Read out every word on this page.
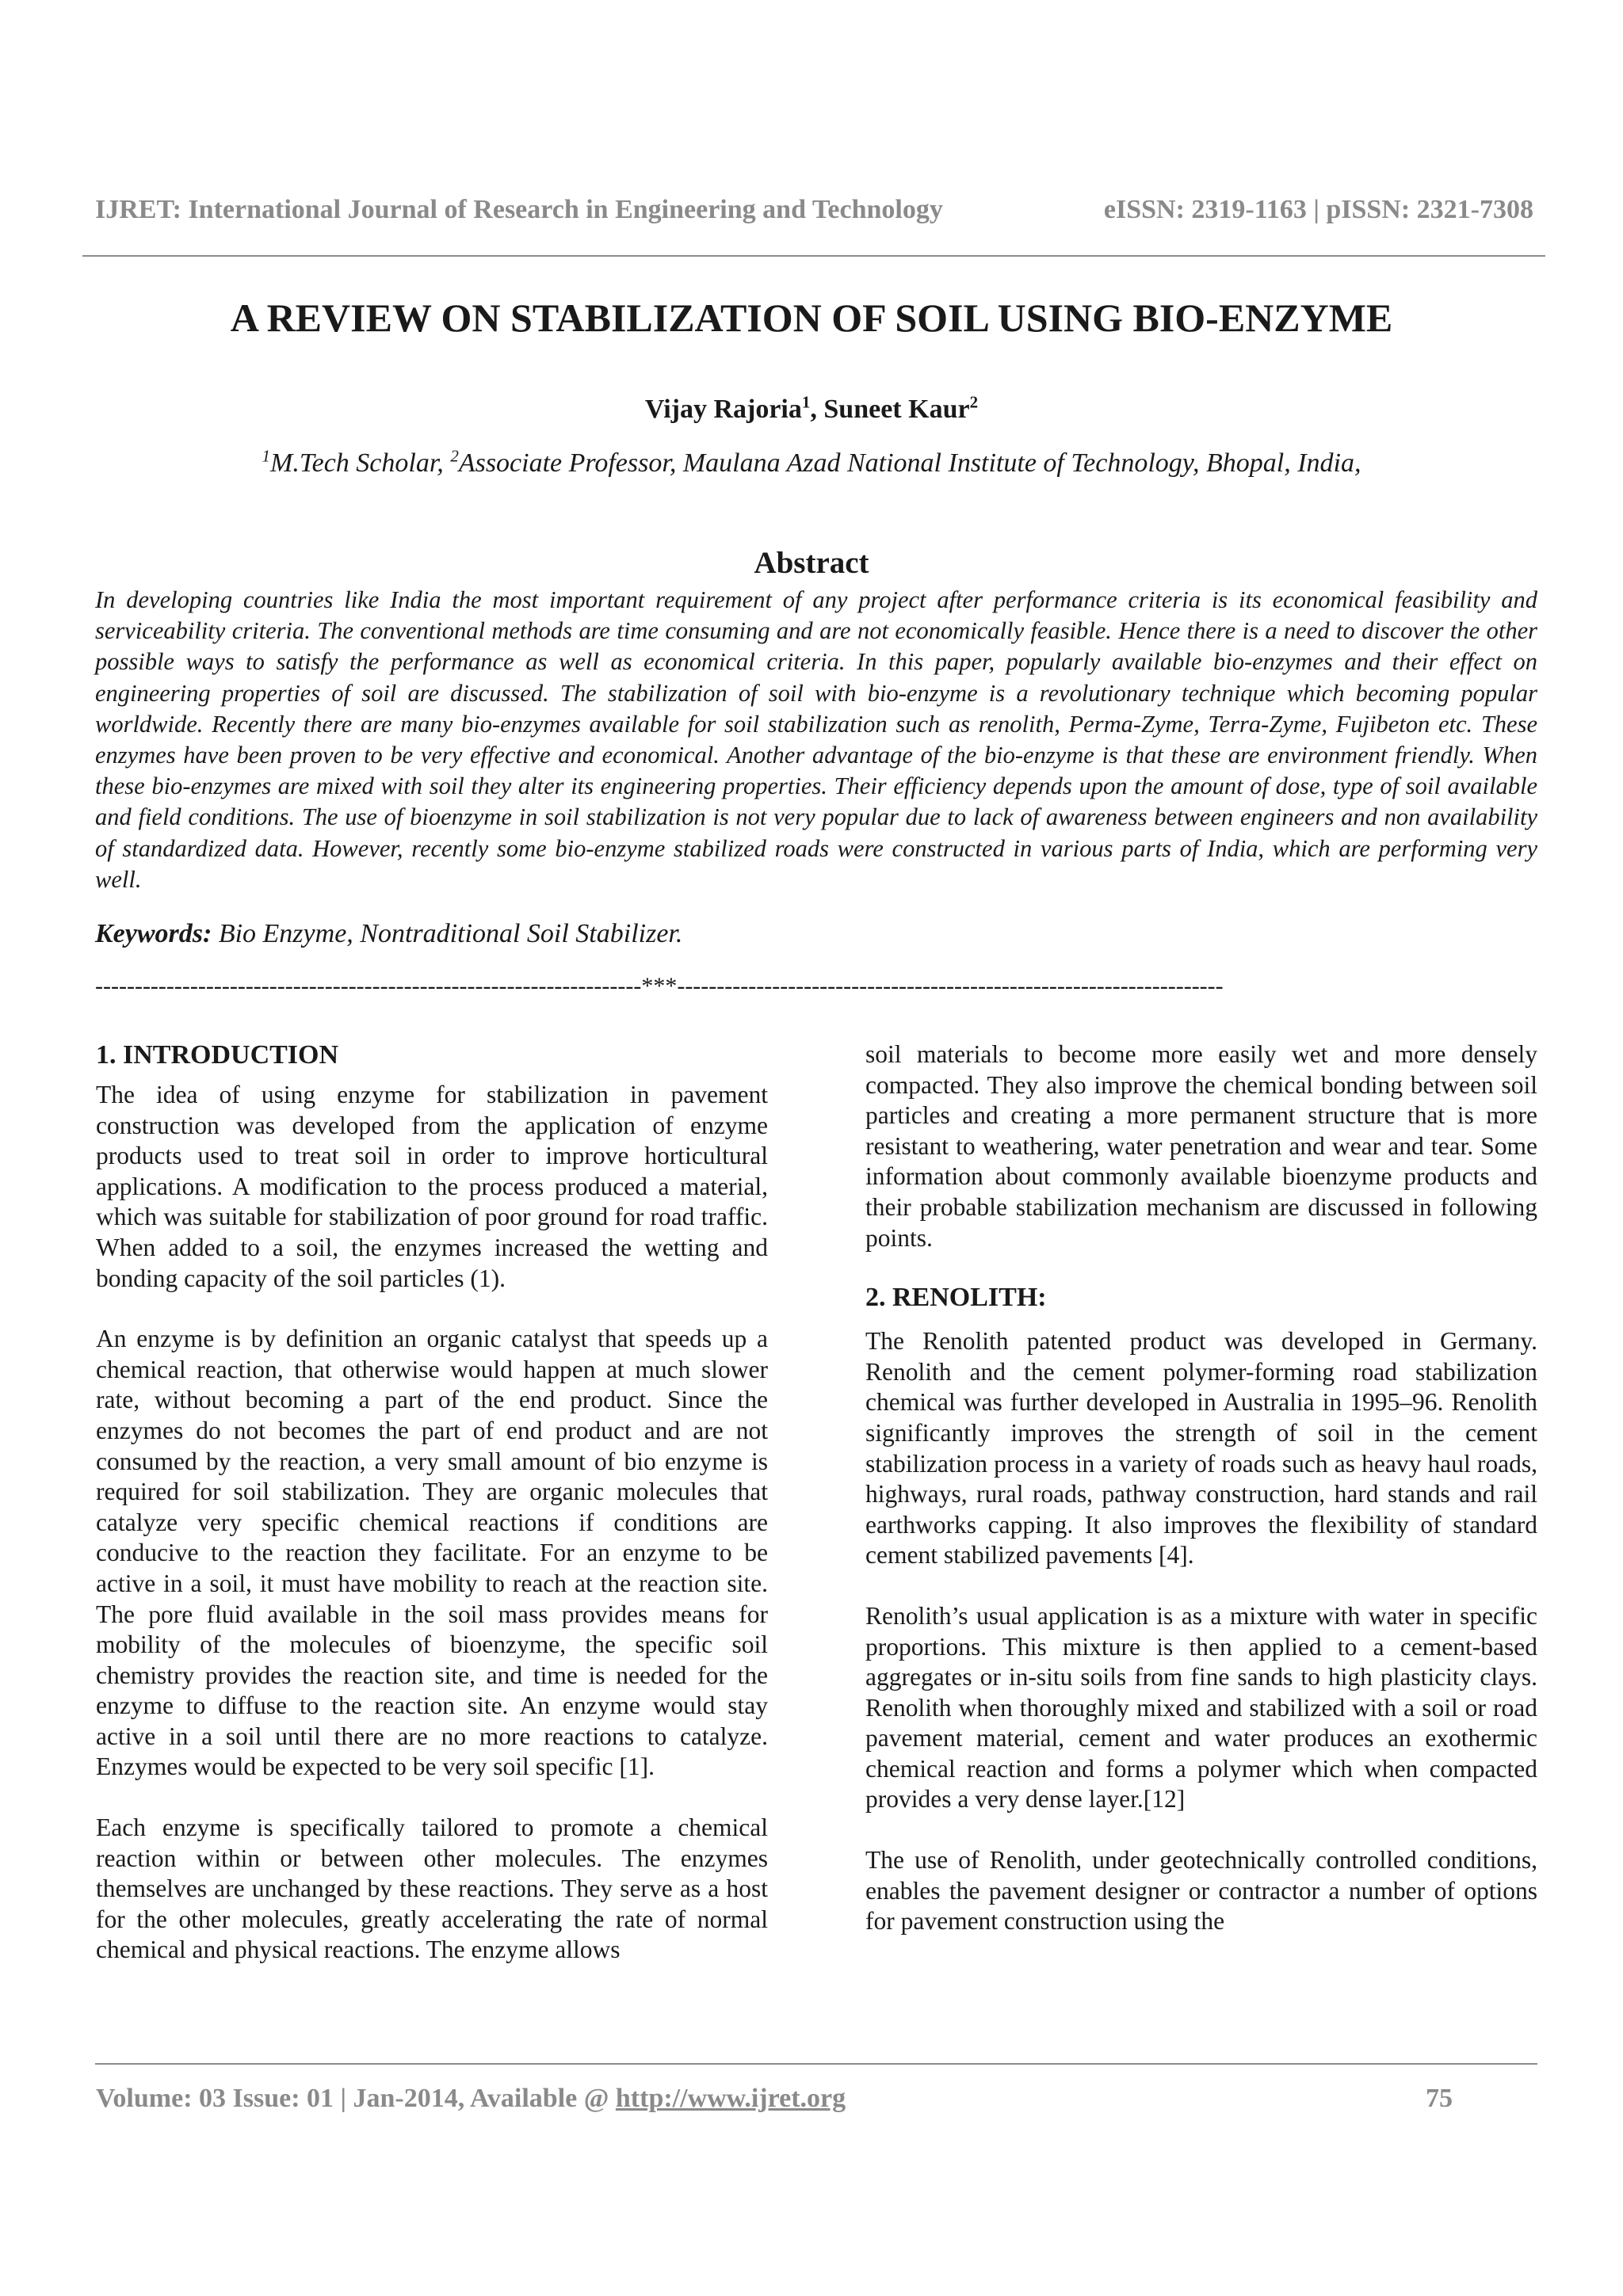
IJRET: International Journal of Research in Engineering and Technology	eISSN: 2319-1163 | pISSN: 2321-7308
A REVIEW ON STABILIZATION OF SOIL USING BIO-ENZYME
Vijay Rajoria$^1$, Suneet Kaur$^2$
$^1$M.Tech Scholar, $^2$Associate Professor, Maulana Azad National Institute of Technology, Bhopal, India,
Abstract

In developing countries like India the most important requirement of any project after performance criteria is its economical feasibility and serviceability criteria. The conventional methods are time consuming and are not economically feasible. Hence there is a need to discover the other possible ways to satisfy the performance as well as economical criteria. In this paper, popularly available bio-enzymes and their effect on engineering properties of soil are discussed. The stabilization of soil with bio-enzyme is a revolutionary technique which becoming popular worldwide. Recently there are many bio-enzymes available for soil stabilization such as renolith, Perma-Zyme, Terra-Zyme, Fujibeton etc. These enzymes have been proven to be very effective and economical. Another advantage of the bio-enzyme is that these are environment friendly. When these bio-enzymes are mixed with soil they alter its engineering properties. Their efficiency depends upon the amount of dose, type of soil available and field conditions. The use of bioenzyme in soil stabilization is not very popular due to lack of awareness between engineers and non availability of standardized data. However, recently some bio-enzyme stabilized roads were constructed in various parts of India, which are performing very well.

Keywords: Bio Enzyme, Nontraditional Soil Stabilizer.

---------------------------------------------------------------------***---------------------------------------------------------------------
1. INTRODUCTION

The idea of using enzyme for stabilization in pavement construction was developed from the application of enzyme products used to treat soil in order to improve horticultural applications. A modification to the process produced a material, which was suitable for stabilization of poor ground for road traffic. When added to a soil, the enzymes increased the wetting and bonding capacity of the soil particles (1).

An enzyme is by definition an organic catalyst that speeds up a chemical reaction, that otherwise would happen at much slower rate, without becoming a part of the end product. Since the enzymes do not becomes the part of end product and are not consumed by the reaction, a very small amount of bio enzyme is required for soil stabilization. They are organic molecules that catalyze very specific chemical reactions if conditions are conducive to the reaction they facilitate. For an enzyme to be active in a soil, it must have mobility to reach at the reaction site. The pore fluid available in the soil mass provides means for mobility of the molecules of bioenzyme, the specific soil chemistry provides the reaction site, and time is needed for the enzyme to diffuse to the reaction site. An enzyme would stay active in a soil until there are no more reactions to catalyze. Enzymes would be expected to be very soil specific [1].

Each enzyme is specifically tailored to promote a chemical reaction within or between other molecules. The enzymes themselves are unchanged by these reactions. They serve as a host for the other molecules, greatly accelerating the rate of normal chemical and physical reactions. The enzyme allows

soil materials to become more easily wet and more densely compacted. They also improve the chemical bonding between soil particles and creating a more permanent structure that is more resistant to weathering, water penetration and wear and tear. Some information about commonly available bioenzyme products and their probable stabilization mechanism are discussed in following points.

2. RENOLITH:

The Renolith patented product was developed in Germany. Renolith and the cement polymer-forming road stabilization chemical was further developed in Australia in 1995–96. Renolith significantly improves the strength of soil in the cement stabilization process in a variety of roads such as heavy haul roads, highways, rural roads, pathway construction, hard stands and rail earthworks capping. It also improves the flexibility of standard cement stabilized pavements [4].

Renolith’s usual application is as a mixture with water in specific proportions. This mixture is then applied to a cement-based aggregates or in-situ soils from fine sands to high plasticity clays. Renolith when thoroughly mixed and stabilized with a soil or road pavement material, cement and water produces an exothermic chemical reaction and forms a polymer which when compacted provides a very dense layer.[12]

The use of Renolith, under geotechnically controlled conditions, enables the pavement designer or contractor a number of options for pavement construction using the

Volume: 03 Issue: 01 | Jan-2014, Available @ http://www.ijret.org	75
